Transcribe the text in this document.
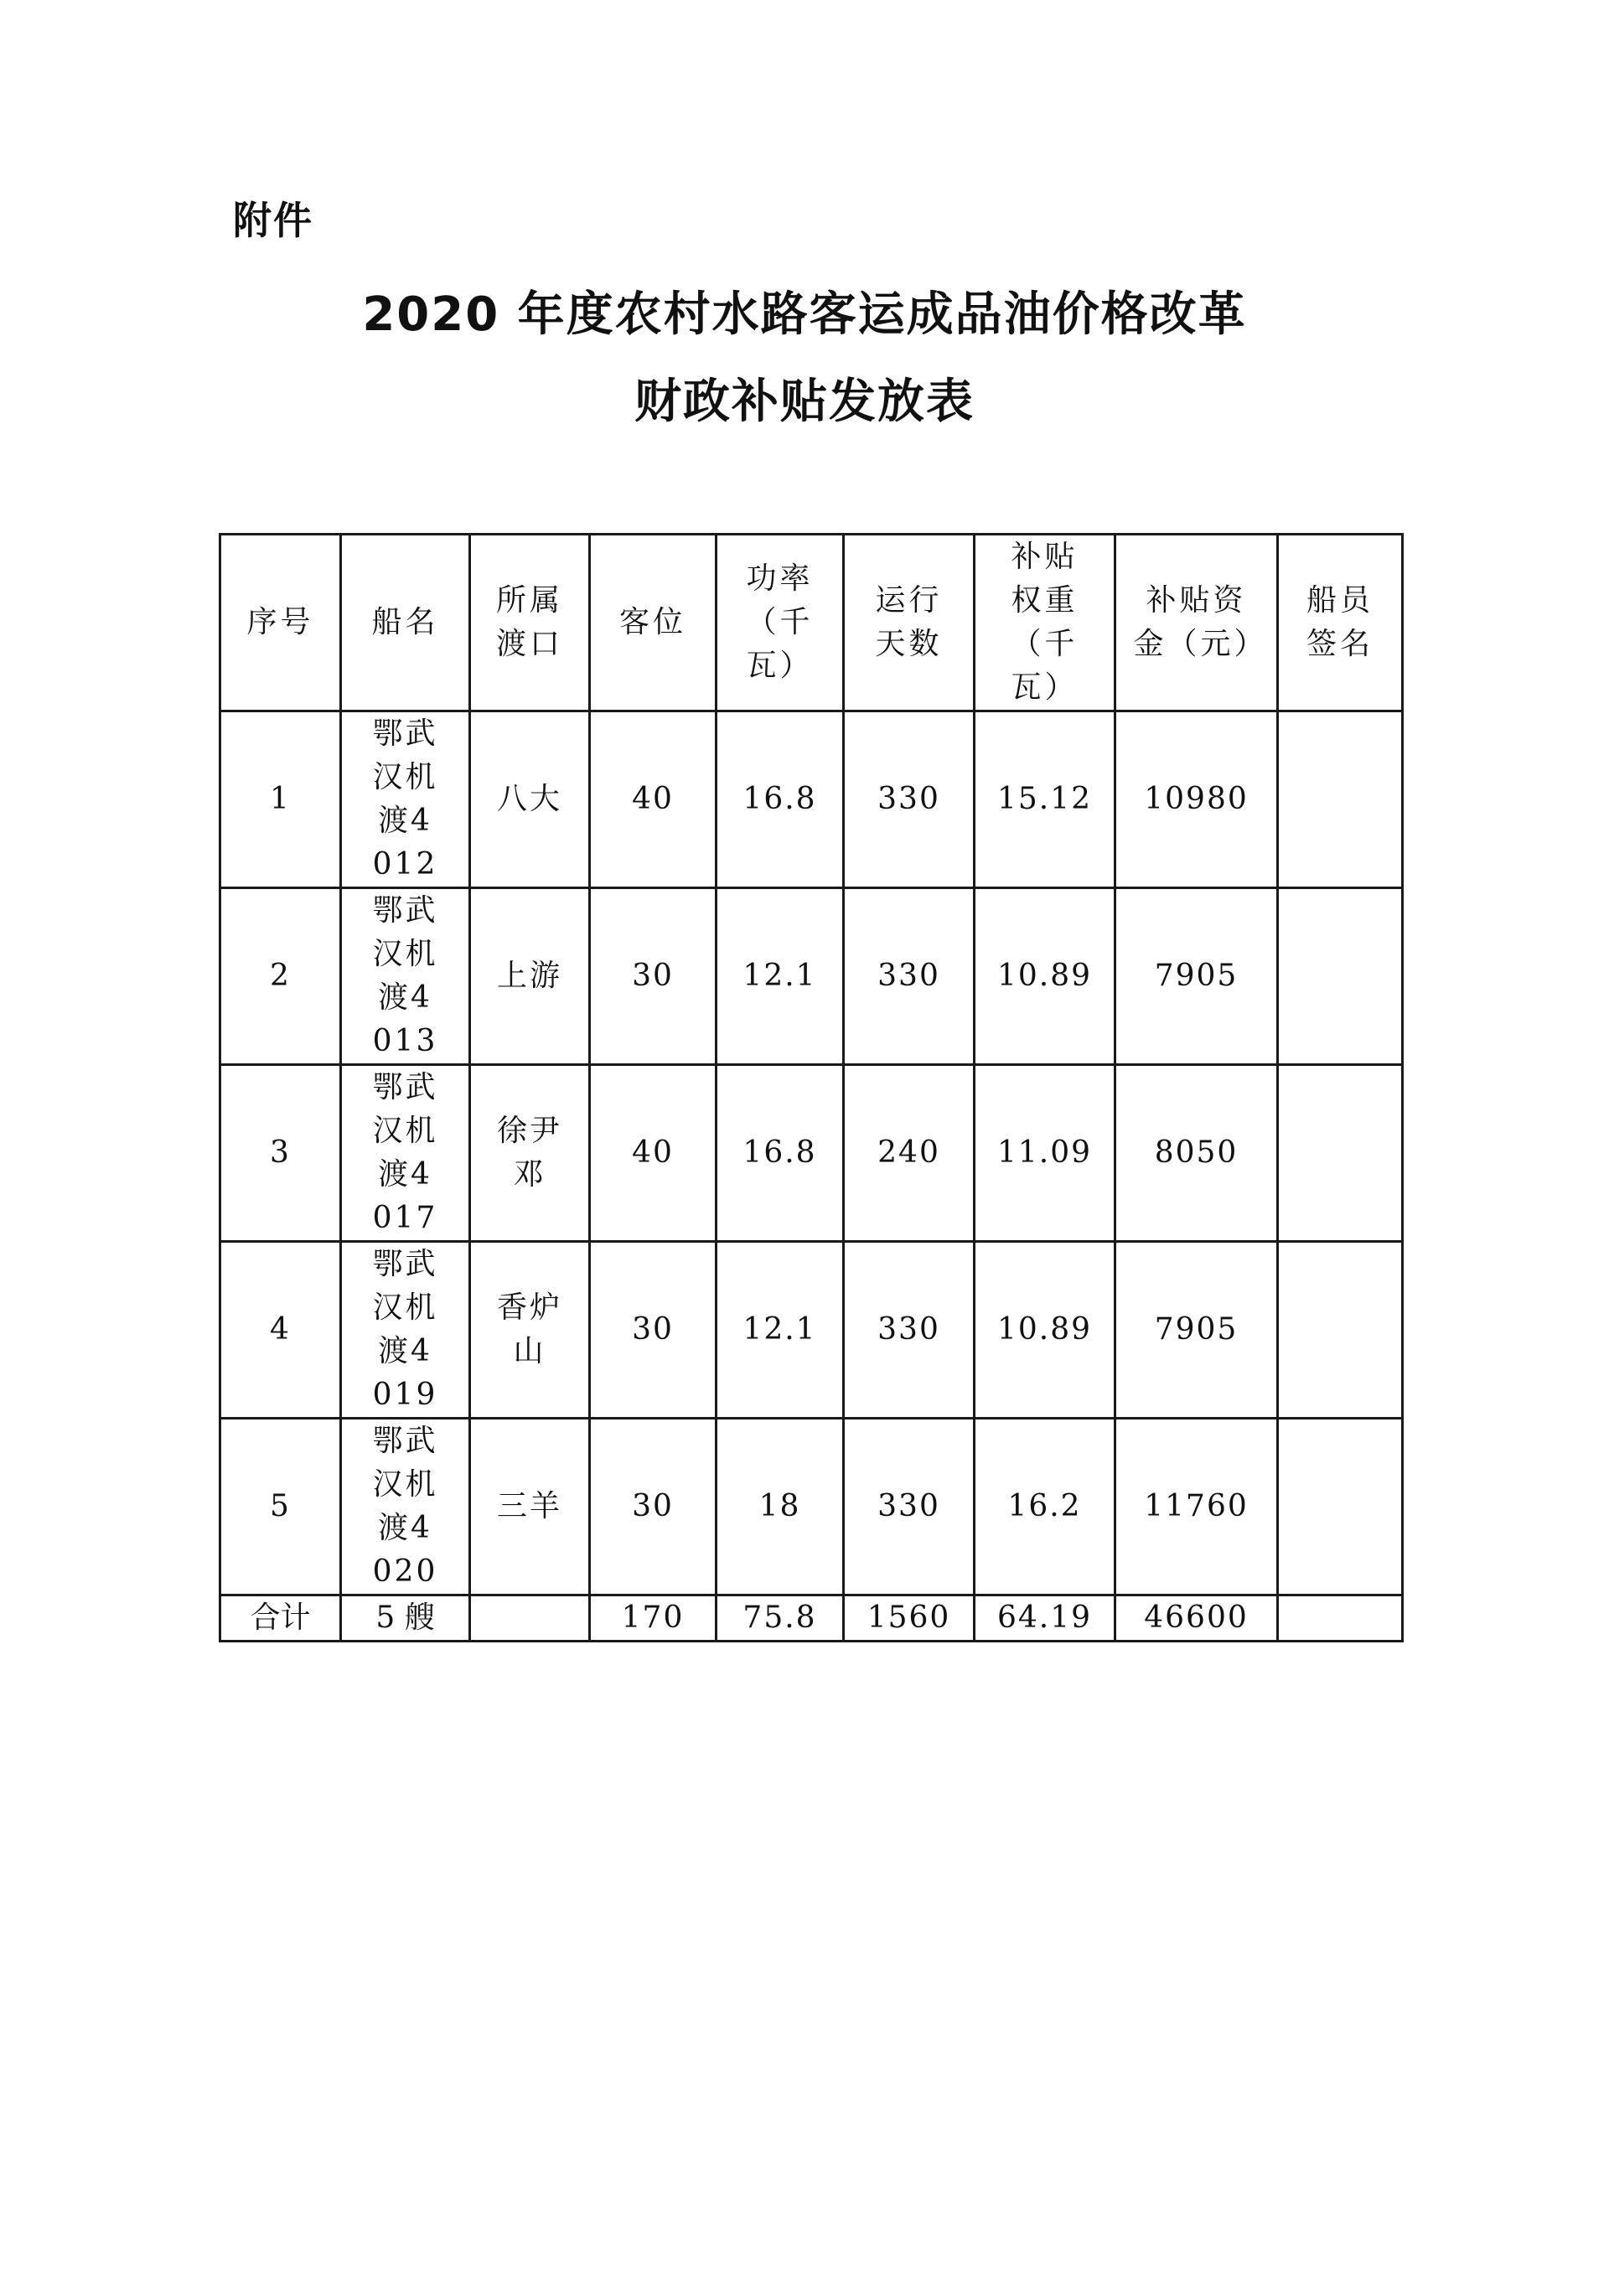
附件
2020 年度农村水路客运成品油价格改革
财政补贴发放表
序号	船名	所属渡口	客位	功率（千瓦）	运行天数	补贴权重（千瓦）	补贴资金（元）	船员签名
1	鄂武汉机渡4012	八大	40	16.8	330	15.12	10980	
2	鄂武汉机渡4013	上游	30	12.1	330	10.89	7905	
3	鄂武汉机渡4017	徐尹邓	40	16.8	240	11.09	8050	
4	鄂武汉机渡4019	香炉山	30	12.1	330	10.89	7905	
5	鄂武汉机渡4020	三羊	30	18	330	16.2	11760	
合计	5 艘		170	75.8	1560	64.19	46600	
